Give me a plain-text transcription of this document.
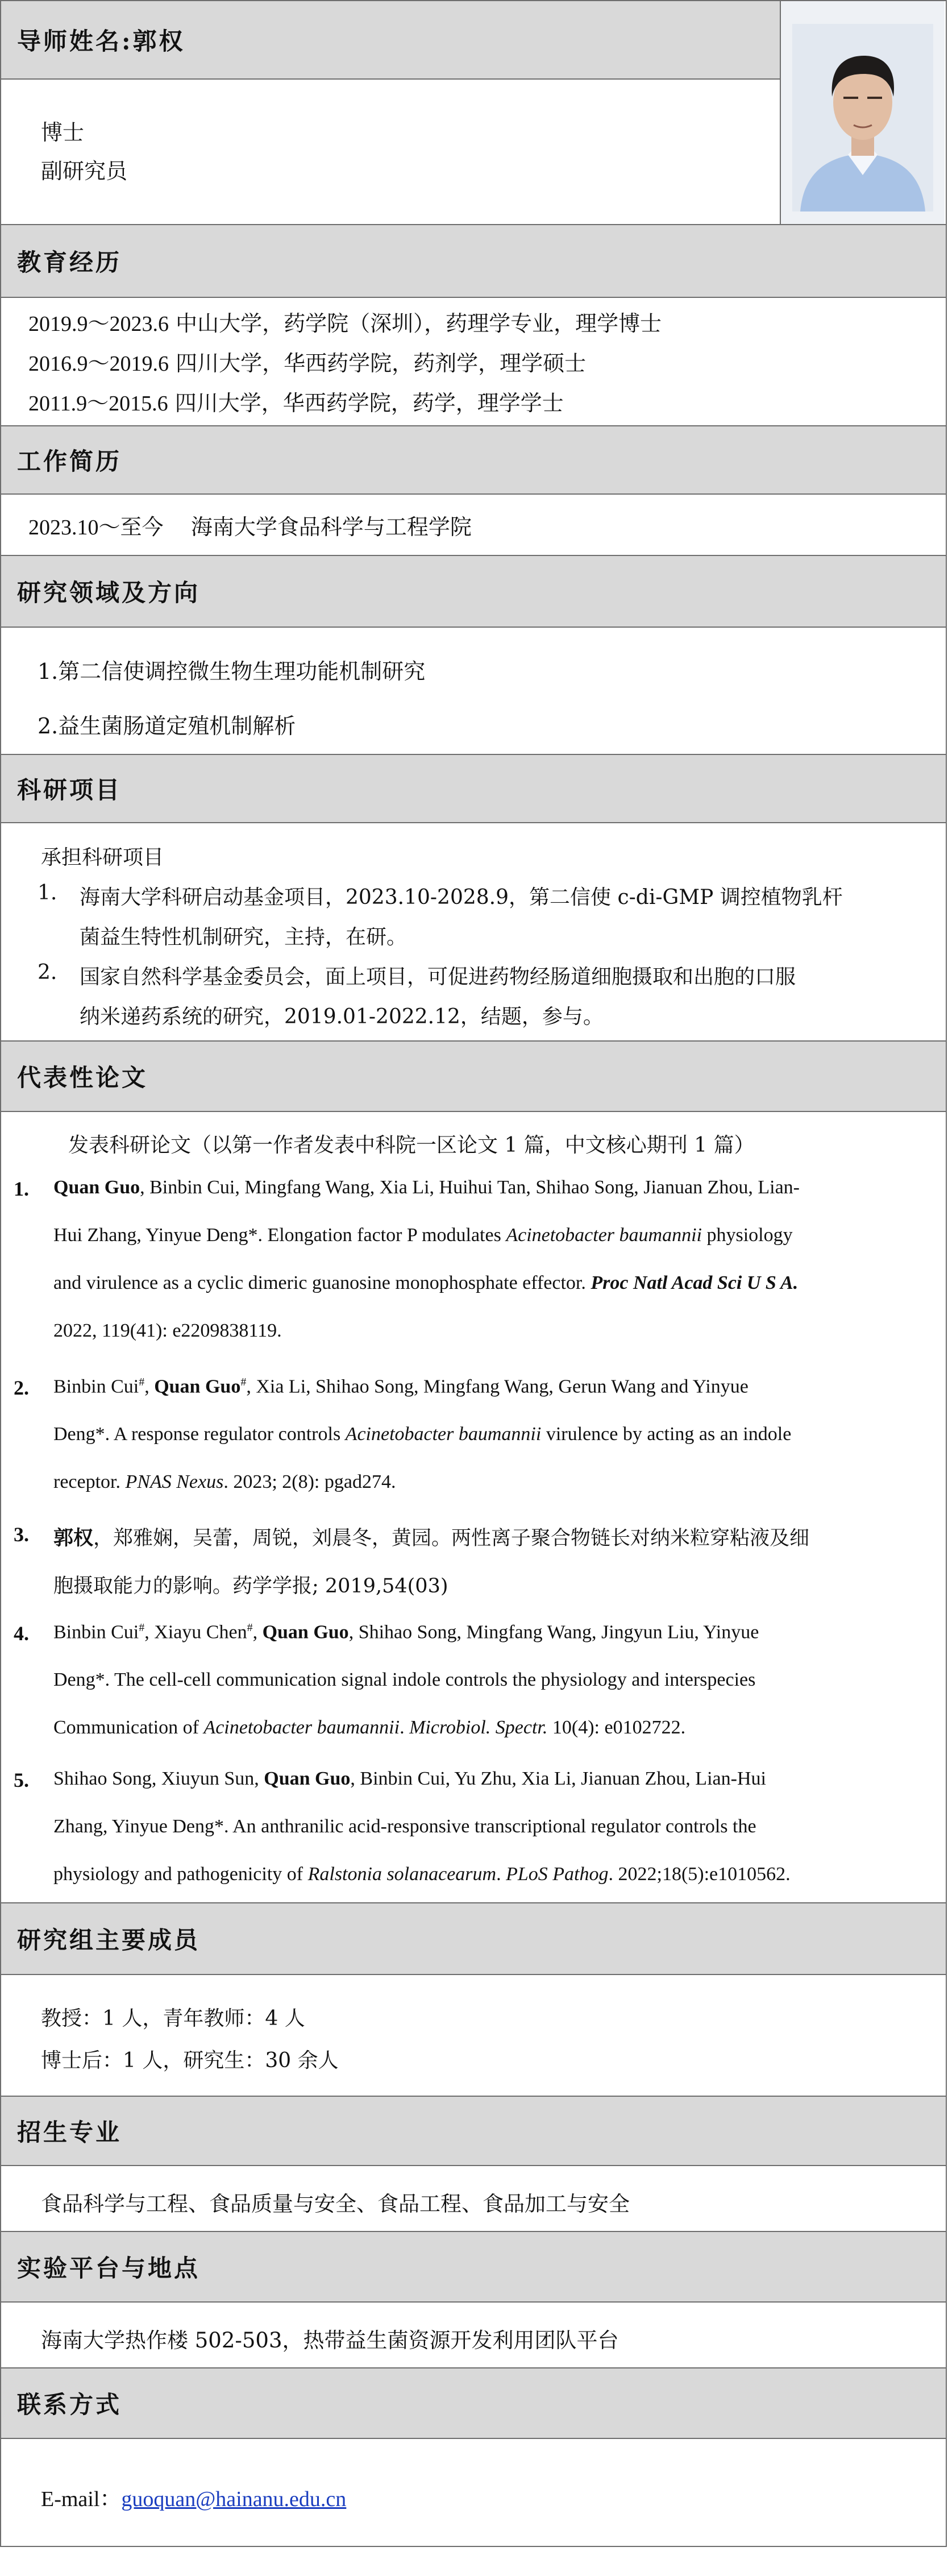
导师姓名:郭权
博士
副研究员
教育经历
2019.9～2023.6 中山大学，药学院（深圳），药理学专业，理学博士
2016.9～2019.6 四川大学，华西药学院，药剂学，理学硕士
2011.9～2015.6 四川大学，华西药学院，药学，理学学士
工作简历
2023.10～至今 海南大学食品科学与工程学院
研究领域及方向
1.第二信使调控微生物生理功能机制研究
2.益生菌肠道定殖机制解析
科研项目
承担科研项目
1. 海南大学科研启动基金项目，2023.10-2028.9，第二信使 c-di-GMP 调控植物乳杆
菌益生特性机制研究，主持，在研。
2. 国家自然科学基金委员会，面上项目，可促进药物经肠道细胞摄取和出胞的口服
纳米递药系统的研究，2019.01-2022.12，结题，参与。
代表性论文
发表科研论文（以第一作者发表中科院一区论文 1 篇，中文核心期刊 1 篇）
1. Quan Guo, Binbin Cui, Mingfang Wang, Xia Li, Huihui Tan, Shihao Song, Jianuan Zhou, Lian-
Hui Zhang, Yinyue Deng*. Elongation factor P modulates Acinetobacter baumannii physiology
and virulence as a cyclic dimeric guanosine monophosphate effector. Proc Natl Acad Sci U S A.
2022, 119(41): e2209838119.
2. Binbin Cui#, Quan Guo#, Xia Li, Shihao Song, Mingfang Wang, Gerun Wang and Yinyue
Deng*. A response regulator controls Acinetobacter baumannii virulence by acting as an indole
receptor. PNAS Nexus. 2023; 2(8): pgad274.
3. 郭权，郑雅娴，吴蕾，周锐，刘晨冬，黄园。两性离子聚合物链长对纳米粒穿粘液及细
胞摄取能力的影响。药学学报; 2019,54(03)
4. Binbin Cui#, Xiayu Chen#, Quan Guo, Shihao Song, Mingfang Wang, Jingyun Liu, Yinyue
Deng*. The cell-cell communication signal indole controls the physiology and interspecies
Communication of Acinetobacter baumannii. Microbiol. Spectr. 10(4): e0102722.
5. Shihao Song, Xiuyun Sun, Quan Guo, Binbin Cui, Yu Zhu, Xia Li, Jianuan Zhou, Lian-Hui
Zhang, Yinyue Deng*. An anthranilic acid-responsive transcriptional regulator controls the
physiology and pathogenicity of Ralstonia solanacearum. PLoS Pathog. 2022;18(5):e1010562.
研究组主要成员
教授：1 人，青年教师：4 人
博士后：1 人，研究生：30 余人
招生专业
食品科学与工程、食品质量与安全、食品工程、食品加工与安全
实验平台与地点
海南大学热作楼 502-503，热带益生菌资源开发利用团队平台
联系方式
E-mail：guoquan@hainanu.edu.cn
